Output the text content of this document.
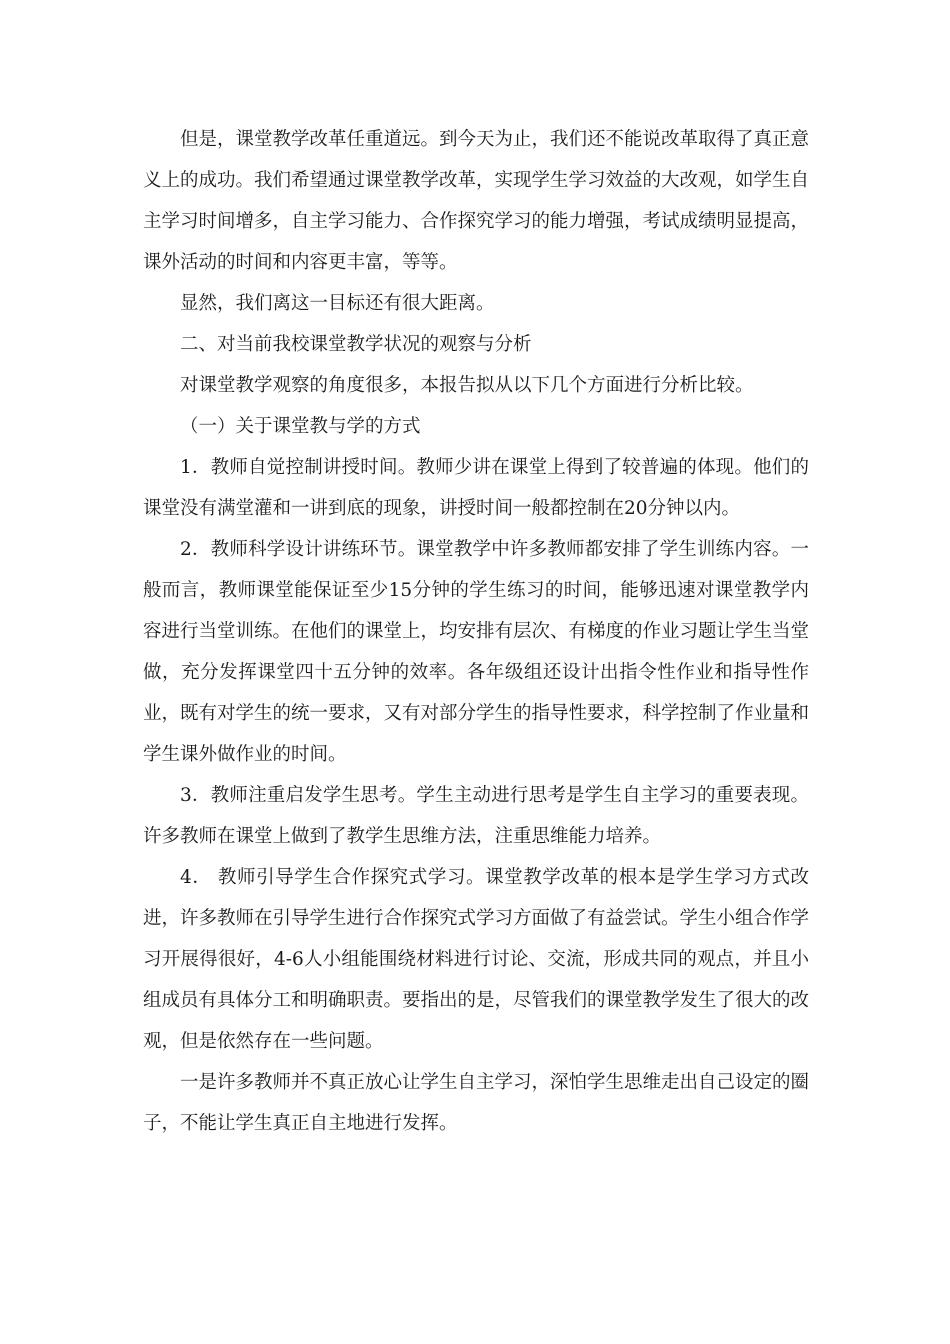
但是，课堂教学改革任重道远。到今天为止，我们还不能说改革取得了真正意义上的成功。我们希望通过课堂教学改革，实现学生学习效益的大改观，如学生自主学习时间增多，自主学习能力、合作探究学习的能力增强，考试成绩明显提高，课外活动的时间和内容更丰富，等等。

显然，我们离这一目标还有很大距离。

二、对当前我校课堂教学状况的观察与分析

对课堂教学观察的角度很多，本报告拟从以下几个方面进行分析比较。

（一）关于课堂教与学的方式

1．教师自觉控制讲授时间。教师少讲在课堂上得到了较普遍的体现。他们的课堂没有满堂灌和一讲到底的现象，讲授时间一般都控制在20分钟以内。

2．教师科学设计讲练环节。课堂教学中许多教师都安排了学生训练内容。一般而言，教师课堂能保证至少15分钟的学生练习的时间，能够迅速对课堂教学内容进行当堂训练。在他们的课堂上，均安排有层次、有梯度的作业习题让学生当堂做，充分发挥课堂四十五分钟的效率。各年级组还设计出指令性作业和指导性作业，既有对学生的统一要求，又有对部分学生的指导性要求，科学控制了作业量和学生课外做作业的时间。

3．教师注重启发学生思考。学生主动进行思考是学生自主学习的重要表现。许多教师在课堂上做到了教学生思维方法，注重思维能力培养。

4． 教师引导学生合作探究式学习。课堂教学改革的根本是学生学习方式改进，许多教师在引导学生进行合作探究式学习方面做了有益尝试。学生小组合作学习开展得很好，4-6人小组能围绕材料进行讨论、交流，形成共同的观点，并且小组成员有具体分工和明确职责。要指出的是，尽管我们的课堂教学发生了很大的改观，但是依然存在一些问题。

一是许多教师并不真正放心让学生自主学习，深怕学生思维走出自己设定的圈子，不能让学生真正自主地进行发挥。
